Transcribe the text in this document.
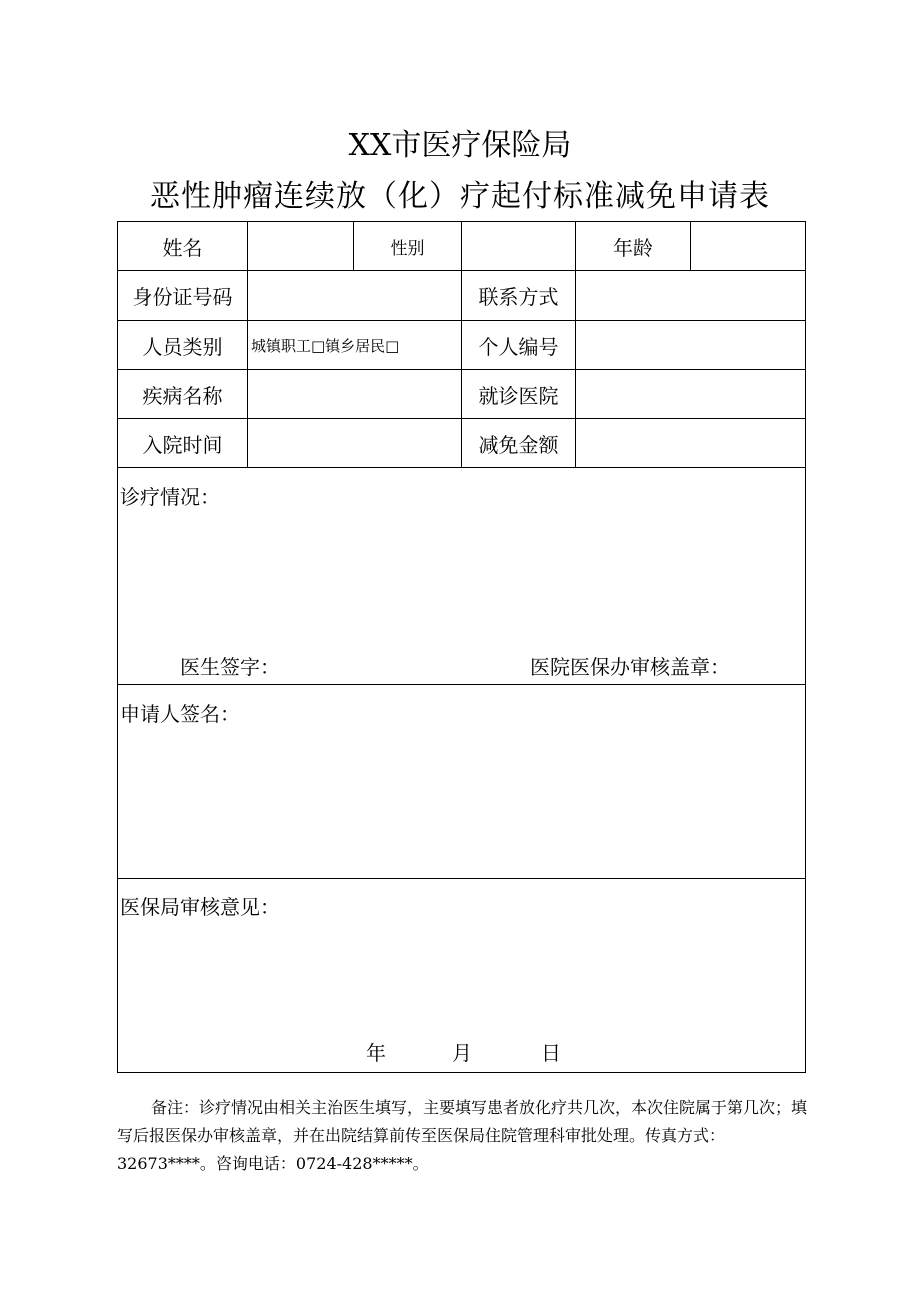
XX市医疗保险局
恶性肿瘤连续放（化）疗起付标准减免申请表
姓名	性别	年龄
身份证号码	联系方式
人员类别	城镇职工□镇乡居民□	个人编号
疾病名称	就诊医院
入院时间	减免金额
诊疗情况：
医生签字：	医院医保办审核盖章：
申请人签名：
医保局审核意见：
年	月	日
备注：诊疗情况由相关主治医生填写，主要填写患者放化疗共几次，本次住院属于第几次；填写后报医保办审核盖章，并在出院结算前传至医保局住院管理科审批处理。传真方式：32673****。咨询电话：0724-428*****。
